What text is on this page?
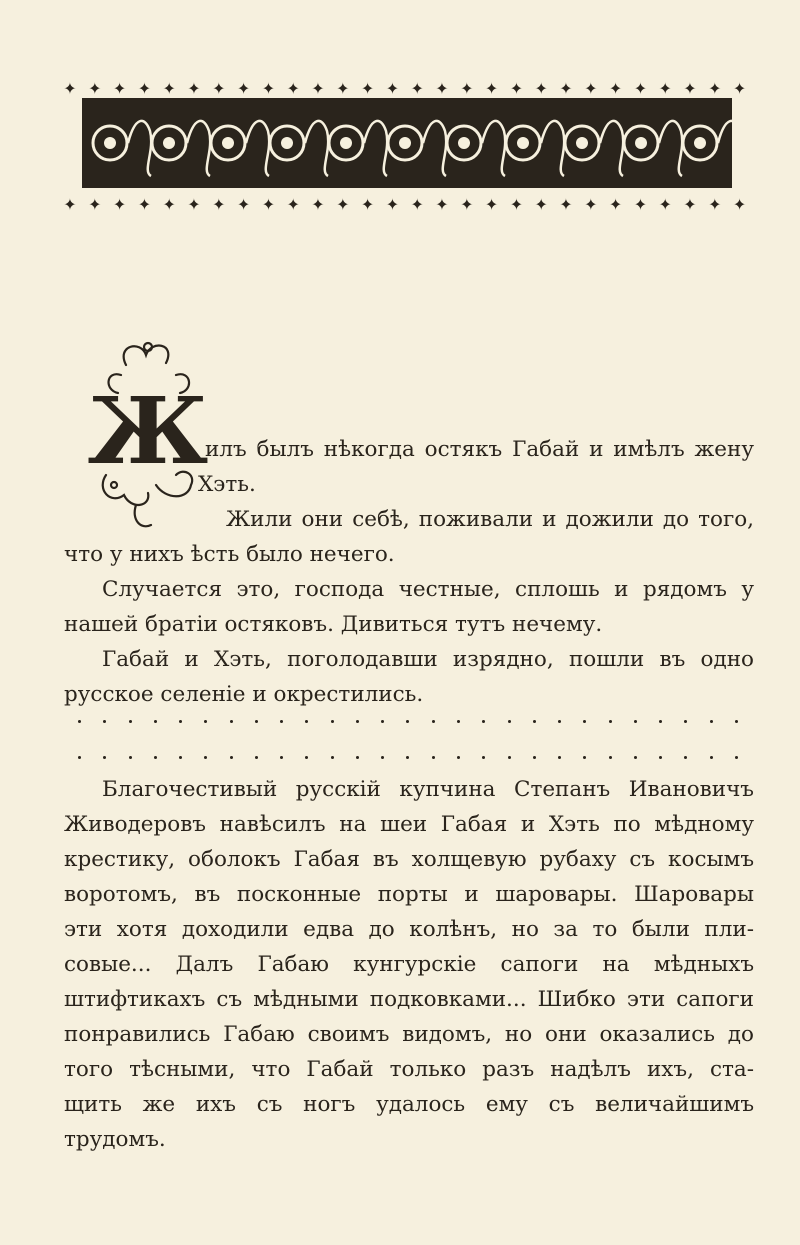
✦ ✦ ✦ ✦ ✦ ✦ ✦ ✦ ✦ ✦ ✦ ✦ ✦ ✦ ✦ ✦ ✦ ✦ ✦ ✦ ✦ ✦ ✦ ✦ ✦ ✦ ✦ ✦
✦ ✦ ✦ ✦ ✦ ✦ ✦ ✦ ✦ ✦ ✦ ✦ ✦ ✦ ✦ ✦ ✦ ✦ ✦ ✦ ✦ ✦ ✦ ✦ ✦ ✦ ✦ ✦
Ж
илъ былъ нѣкогда остякъ Габай и имѣлъ жену
Хэть.
Жили они себѣ, поживали и дожили до того,
что у нихъ ѣсть было нечего.
Случается это, господа честные, сплошь и рядомъ у
нашей братіи остяковъ. Дивиться тутъ нечему.
Габай и Хэть, поголодавши изрядно, пошли въ одно
русское селеніе и окрестились.
Благочестивый русскій купчина Степанъ Ивановичъ
Живодеровъ навѣсилъ на шеи Габая и Хэть по мѣдному
крестику, оболокъ Габая въ холщевую рубаху съ косымъ
воротомъ, въ посконные порты и шаровары. Шаровары
эти хотя доходили едва до колѣнъ, но за то были пли-
совые... Далъ Габаю кунгурскіе сапоги на мѣдныхъ
штифтикахъ съ мѣдными подковками... Шибко эти сапоги
понравились Габаю своимъ видомъ, но они оказались до
того тѣсными, что Габай только разъ надѣлъ ихъ, ста-
щить же ихъ съ ногъ удалось ему съ величайшимъ
трудомъ.
